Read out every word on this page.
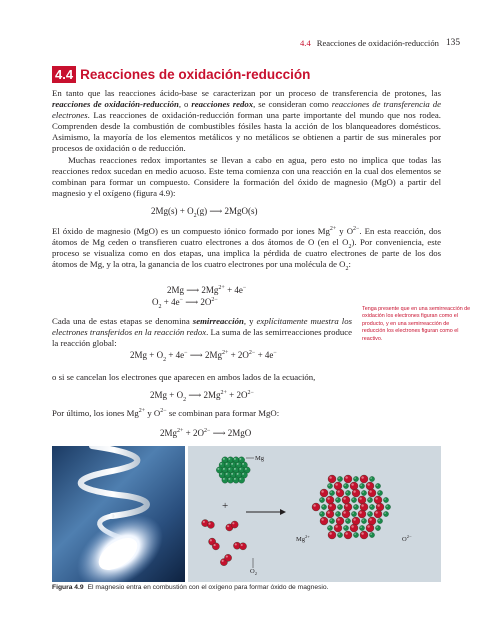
4.4 Reacciones de oxidación-reducción 135
4.4 Reacciones de oxidación-reducción

En tanto que las reacciones ácido-base se caracterizan por un proceso de transferencia de protones, las reacciones de oxidación-reducción, o reacciones redox, se consideran como reacciones de transferencia de electrones. Las reacciones de oxidación-reducción forman una parte importante del mundo que nos rodea. Comprenden desde la combustión de combustibles fósiles hasta la acción de los blanqueadores domésticos. Asimismo, la mayoría de los elementos metálicos y no metálicos se obtienen a partir de sus minerales por procesos de oxidación o de reducción.

Muchas reacciones redox importantes se llevan a cabo en agua, pero esto no implica que todas las reacciones redox sucedan en medio acuoso. Este tema comienza con una reacción en la cual dos elementos se combinan para formar un compuesto. Considere la formación del óxido de magnesio (MgO) a partir del magnesio y el oxígeno (figura 4.9):

$2Mg(s) + O_2(g)$ ⟶ 2MgO(s)

El óxido de magnesio (MgO) es un compuesto iónico formado por iones $Mg^{2+}$ y $O^{2-}$. En esta reacción, dos átomos de Mg ceden o transfieren cuatro electrones a dos átomos de O (en el $O_2$). Por conveniencia, este proceso se visualiza como en dos etapas, una implica la pérdida de cuatro electrones de parte de los dos átomos de Mg, y la otra, la ganancia de los cuatro electrones por una molécula de $O_2$:

2Mg ⟶ $2Mg^{2+} + 4e^-$
$O_2 + 4e^-$ ⟶ $2O^{2-}$
Tenga presente que en una semirreacción de oxidación los electrones figuran como el producto, y en una semirreacción de reducción los electrones figuran como el reactivo.

Cada una de estas etapas se denomina semirreacción, y explícitamente muestra los electrones transferidos en la reacción redox. La suma de las semirreacciones produce la reacción global:

$2Mg + O_2 + 4e^-$ ⟶ $2Mg^{2+} + 2O^{2-} + 4e^-$

o si se cancelan los electrones que aparecen en ambos lados de la ecuación,

$2Mg + O_2$ ⟶ $2Mg^{2+} + 2O^{2-}$

Por último, los iones $Mg^{2+}$ y $O^{2-}$ se combinan para formar MgO:

$2Mg^{2+} + 2O^{2-}$ ⟶ 2MgO
Mg
+
$O_2$
$Mg^{2+}$	$O^{2-}$
Figura 4.9 El magnesio entra en combustión con el oxígeno para formar óxido de magnesio.
